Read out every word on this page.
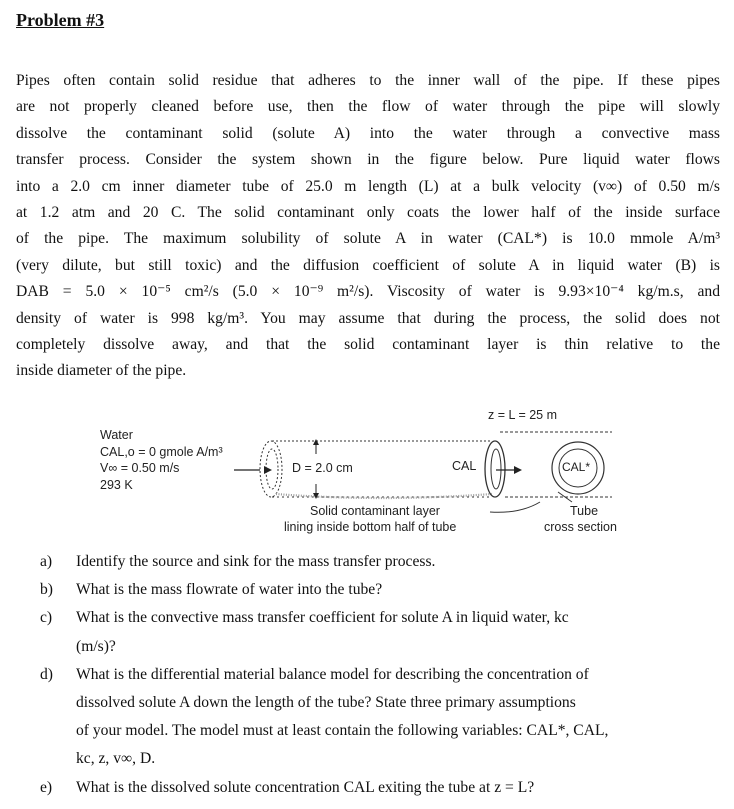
Problem #3
Pipes often contain solid residue that adheres to the inner wall of the pipe. If these pipes
are not properly cleaned before use, then the flow of water through the pipe will slowly
dissolve the contaminant solid (solute A) into the water through a convective mass
transfer process. Consider the system shown in the figure below. Pure liquid water flows
into a 2.0 cm inner diameter tube of 25.0 m length (L) at a bulk velocity (v∞) of 0.50 m/s
at 1.2 atm and 20 C. The solid contaminant only coats the lower half of the inside surface
of the pipe. The maximum solubility of solute A in water (CAL*) is 10.0 mmole A/m³
(very dilute, but still toxic) and the diffusion coefficient of solute A in liquid water (B) is
DAB = 5.0 × 10⁻⁵ cm²/s (5.0 × 10⁻⁹ m²/s). Viscosity of water is 9.93×10⁻⁴ kg/m.s, and
density of water is 998 kg/m³. You may assume that during the process, the solid does not
completely dissolve away, and that the solid contaminant layer is thin relative to the
inside diameter of the pipe.
z = L = 25 m
Water
CAL,o = 0 gmole A/m³
V∞ = 0.50 m/s
293 K
D = 2.0 cm	CAL	CAL*
Solid contaminant layer
lining inside bottom half of tube
Tube
cross section
a) Identify the source and sink for the mass transfer process.
b) What is the mass flowrate of water into the tube?
c) What is the convective mass transfer coefficient for solute A in liquid water, kc
(m/s)?
d) What is the differential material balance model for describing the concentration of
dissolved solute A down the length of the tube? State three primary assumptions
of your model. The model must at least contain the following variables: CAL*, CAL,
kc, z, v∞, D.
e) What is the dissolved solute concentration CAL exiting the tube at z = L?
